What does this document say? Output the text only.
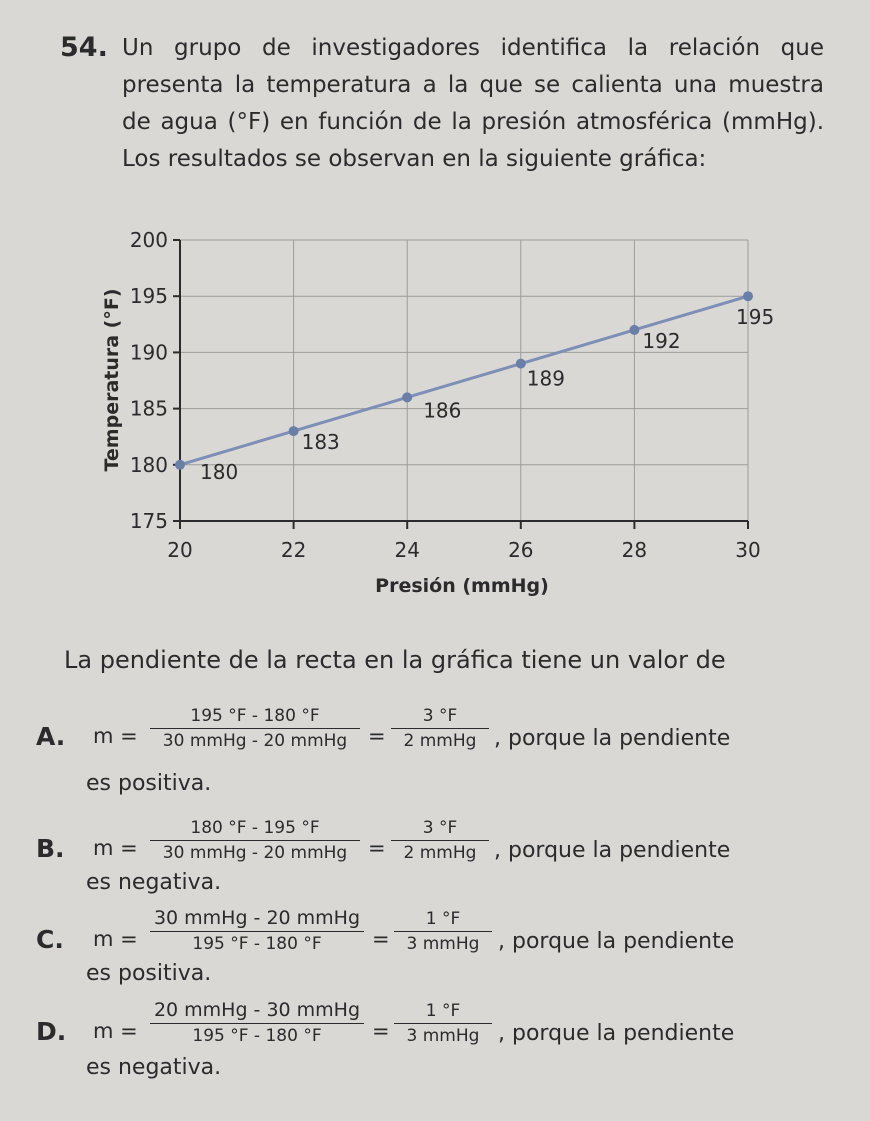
54. Un grupo de investigadores identifica la relación que presenta la temperatura a la que se calienta una muestra de agua (°F) en función de la presión atmosférica (mmHg). Los resultados se observan en la siguiente gráfica:
175
180
185
190
195
200
20	22	24	26	28	30
Presión (mmHg)
Temperatura (°F)
180
183
186
189
192
195
La pendiente de la recta en la gráfica tiene un valor de
A. m =
195 °F - 180 °F
30 mmHg - 20 mmHg =
3 °F
2 mmHg , porque la pendiente
es positiva.
B. m =
180 °F - 195 °F
30 mmHg - 20 mmHg =
3 °F
2 mmHg , porque la pendiente
es negativa.
C. m =
30 mmHg - 20 mmHg
195 °F - 180 °F	=
1 °F
3 mmHg , porque la pendiente
es positiva.
D. m =
20 mmHg - 30 mmHg
195 °F - 180 °F	=
1 °F
3 mmHg , porque la pendiente
es negativa.
